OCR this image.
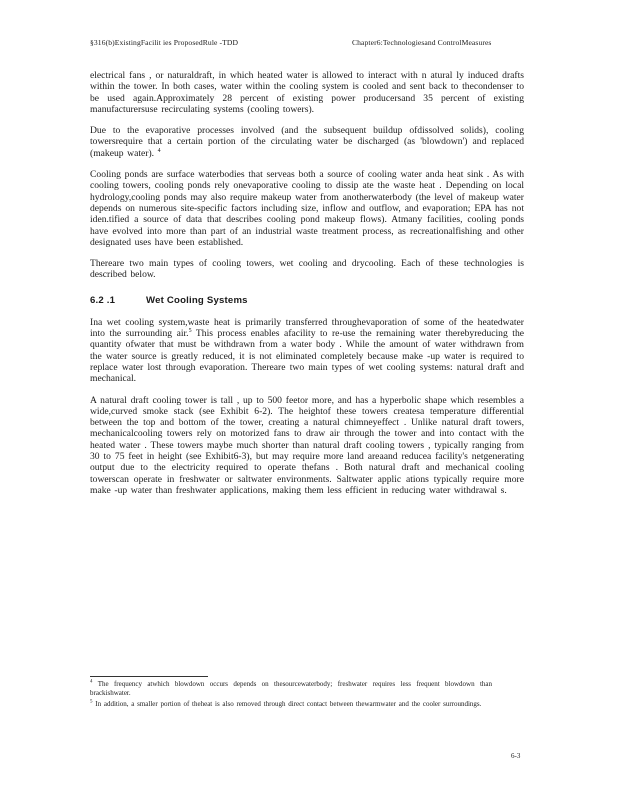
§316(b)ExistingFacilit ies ProposedRule -TDD	Chapter6:Technologiesand ControlMeasures

electrical fans , or naturaldraft, in which heated water is allowed to interact with n atural ly induced drafts within the tower. In both cases, water within the cooling system is cooled and sent back to thecondenser to be used again.Approximately 28 percent of existing power producersand 35 percent of existing manufacturersuse recirculating systems (cooling towers).

Due to the evaporative processes involved (and the subsequent buildup ofdissolved solids), cooling towersrequire that a certain portion of the circulating water be discharged (as 'blowdown') and replaced (makeup water). $^4$

Cooling ponds are surface waterbodies that serveas both a source of cooling water anda heat sink . As with cooling towers, cooling ponds rely onevaporative cooling to dissip ate the waste heat . Depending on local hydrology,cooling ponds may also require makeup water from anotherwaterbody (the level of makeup water depends on numerous site-specific factors including size, inflow and outflow, and evaporation; EPA has not iden.tified a source of data that describes cooling pond makeup flows). Atmany facilities, cooling ponds have evolved into more than part of an industrial waste treatment process, as recreationalfishing and other designated uses have been established.

Thereare two main types of cooling towers, wet cooling and drycooling. Each of these technologies is described below.

6.2 .1	Wet Cooling Systems

Ina wet cooling system,waste heat is primarily transferred throughevaporation of some of the heatedwater into the surrounding air.$^5$ This process enables afacility to re-use the remaining water therebyreducing the quantity ofwater that must be withdrawn from a water body . While the amount of water withdrawn from the water source is greatly reduced, it is not eliminated completely because make -up water is required to replace water lost through evaporation. Thereare two main types of wet cooling systems: natural draft and mechanical.

A natural draft cooling tower is tall , up to 500 feetor more, and has a hyperbolic shape which resembles a wide,curved smoke stack (see Exhibit 6-2). The heightof these towers createsa temperature differential between the top and bottom of the tower, creating a natural chimneyeffect . Unlike natural draft towers, mechanicalcooling towers rely on motorized fans to draw air through the tower and into contact with the heated water . These towers maybe much shorter than natural draft cooling towers , typically ranging from 30 to 75 feet in height (see Exhibit6-3), but may require more land areaand reducea facility's netgenerating output due to the electricity required to operate thefans . Both natural draft and mechanical cooling towerscan operate in freshwater or saltwater environments. Saltwater applic ations typically require more make -up water than freshwater applications, making them less efficient in reducing water withdrawal s.

$^4$ The frequency atwhich blowdown occurs depends on thesourcewaterbody; freshwater requires less frequent blowdown than brackishwater.

$^5$ In addition, a smaller portion of theheat is also removed through direct contact between thewarmwater and the cooler surroundings.

6-3
